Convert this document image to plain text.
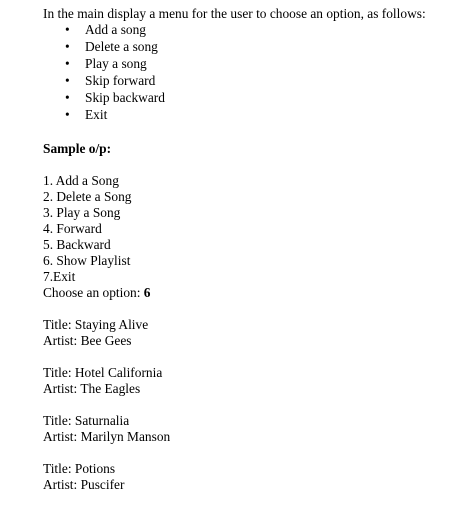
In the main display a menu for the user to choose an option, as follows:

• Add a song
• Delete a song
• Play a song
• Skip forward
• Skip backward
• Exit
Sample o/p:
1. Add a Song
2. Delete a Song
3. Play a Song
4. Forward
5. Backward
6. Show Playlist
7.Exit
Choose an option: 6
Title: Staying Alive
Artist: Bee Gees
Title: Hotel California
Artist: The Eagles
Title: Saturnalia
Artist: Marilyn Manson
Title: Potions
Artist: Puscifer
